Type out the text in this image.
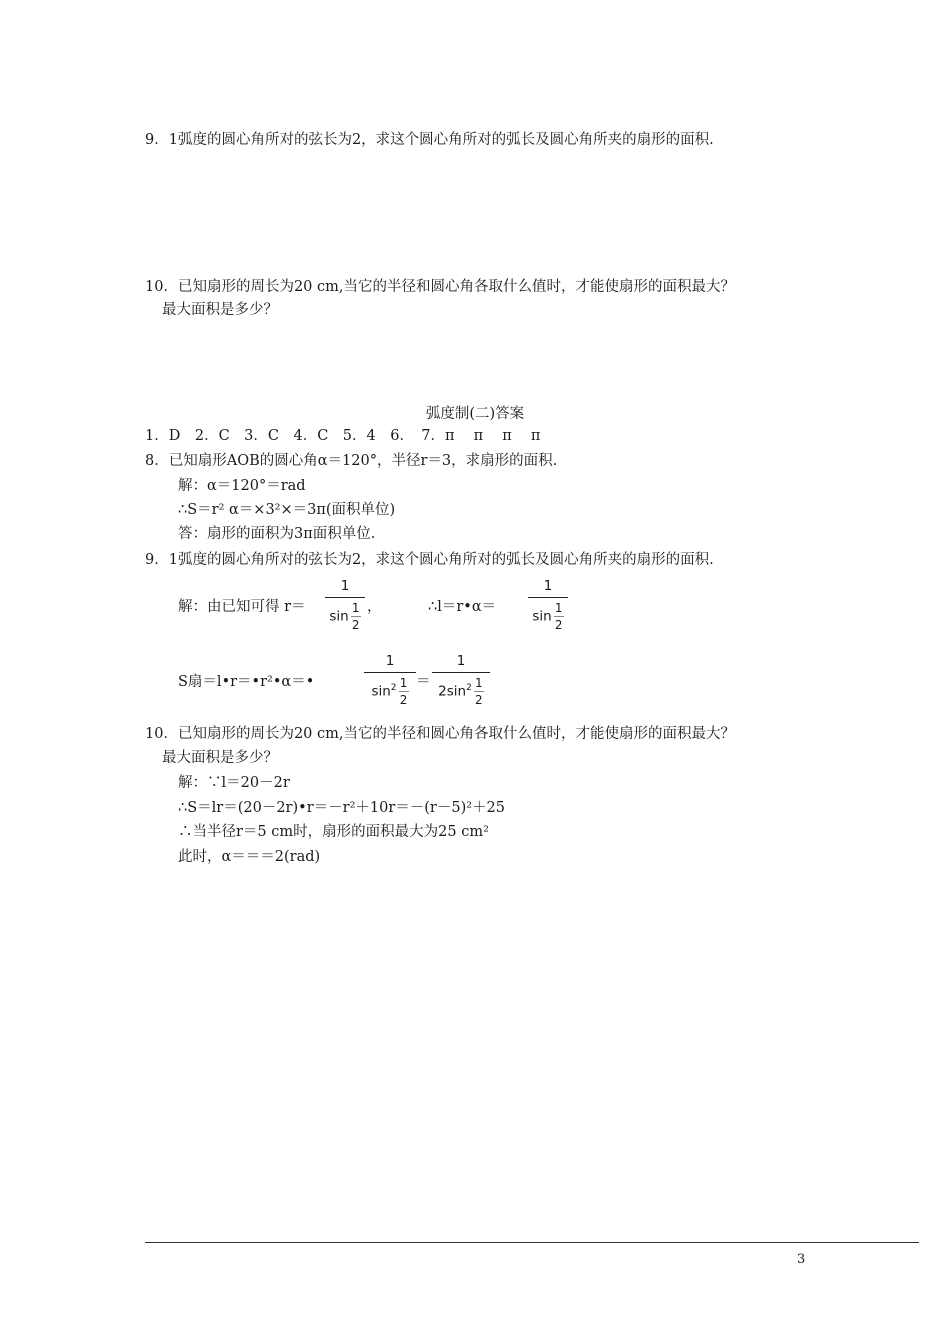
9．1弧度的圆心角所对的弦长为2，求这个圆心角所对的弧长及圆心角所夹的扇形的面积.
10．已知扇形的周长为20 cm,当它的半径和圆心角各取什么值时，才能使扇形的面积最大？
最大面积是多少？
弧度制(二)答案
1．D　2．C　3．C　4．C　5．4　6．　7．π　 π　 π　 π
8．已知扇形AOB的圆心角α＝120°，半径r＝3，求扇形的面积.
解：α＝120°＝rad
∴S＝r² α＝×3²×＝3π(面积单位)
答：扇形的面积为3π面积单位.
9．1弧度的圆心角所对的弦长为2，求这个圆心角所对的弧长及圆心角所夹的扇形的面积.
解：由已知可得 r＝
1
$\sin \frac{1}{2}$ ，	∴l＝r•α＝
1
$\sin \frac{1}{2}$
S扇＝l•r＝•r²•α＝•
1
$\sin^2 \frac{1}{2}$ ＝
1
$2\sin^2 \frac{1}{2}$
10．已知扇形的周长为20 cm,当它的半径和圆心角各取什么值时，才能使扇形的面积最大？
最大面积是多少？
解：∵l＝20－2r
∴S＝lr＝(20－2r)•r＝－r²＋10r＝－(r－5)²＋25
∴当半径r＝5 cm时，扇形的面积最大为25 cm²
此时，α＝＝＝2(rad)
3
